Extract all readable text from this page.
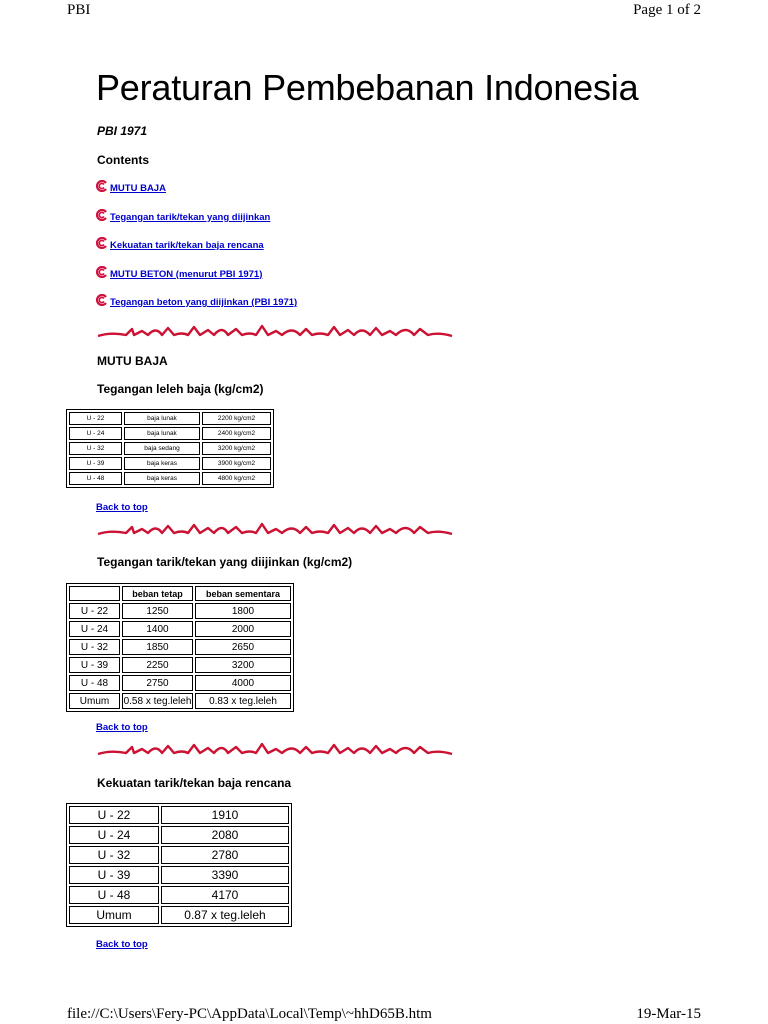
PBI	Page 1 of 2
Peraturan Pembebanan Indonesia
PBI 1971
Contents
MUTU BAJA
Tegangan tarik/tekan yang diijinkan
Kekuatan tarik/tekan baja rencana
MUTU BETON (menurut PBI 1971)
Tegangan beton yang diijinkan (PBI 1971)
MUTU BAJA
Tegangan leleh baja (kg/cm2)
U - 22	baja lunak	2200 kg/cm2
U - 24	baja lunak	2400 kg/cm2
U - 32	baja sedang	3200 kg/cm2
U - 39	baja keras	3900 kg/cm2
U - 48	baja keras	4800 kg/cm2
Back to top
Tegangan tarik/tekan yang diijinkan (kg/cm2)
	beban tetap	beban sementara
U - 22	1250	1800
U - 24	1400	2000
U - 32	1850	2650
U - 39	2250	3200
U - 48	2750	4000
Umum	0.58 x teg.leleh	0.83 x teg.leleh
Back to top
Kekuatan tarik/tekan baja rencana
U - 22	1910
U - 24	2080
U - 32	2780
U - 39	3390
U - 48	4170
Umum	0.87 x teg.leleh
Back to top
file://C:\Users\Fery-PC\AppData\Local\Temp\~hhD65B.htm	19-Mar-15
